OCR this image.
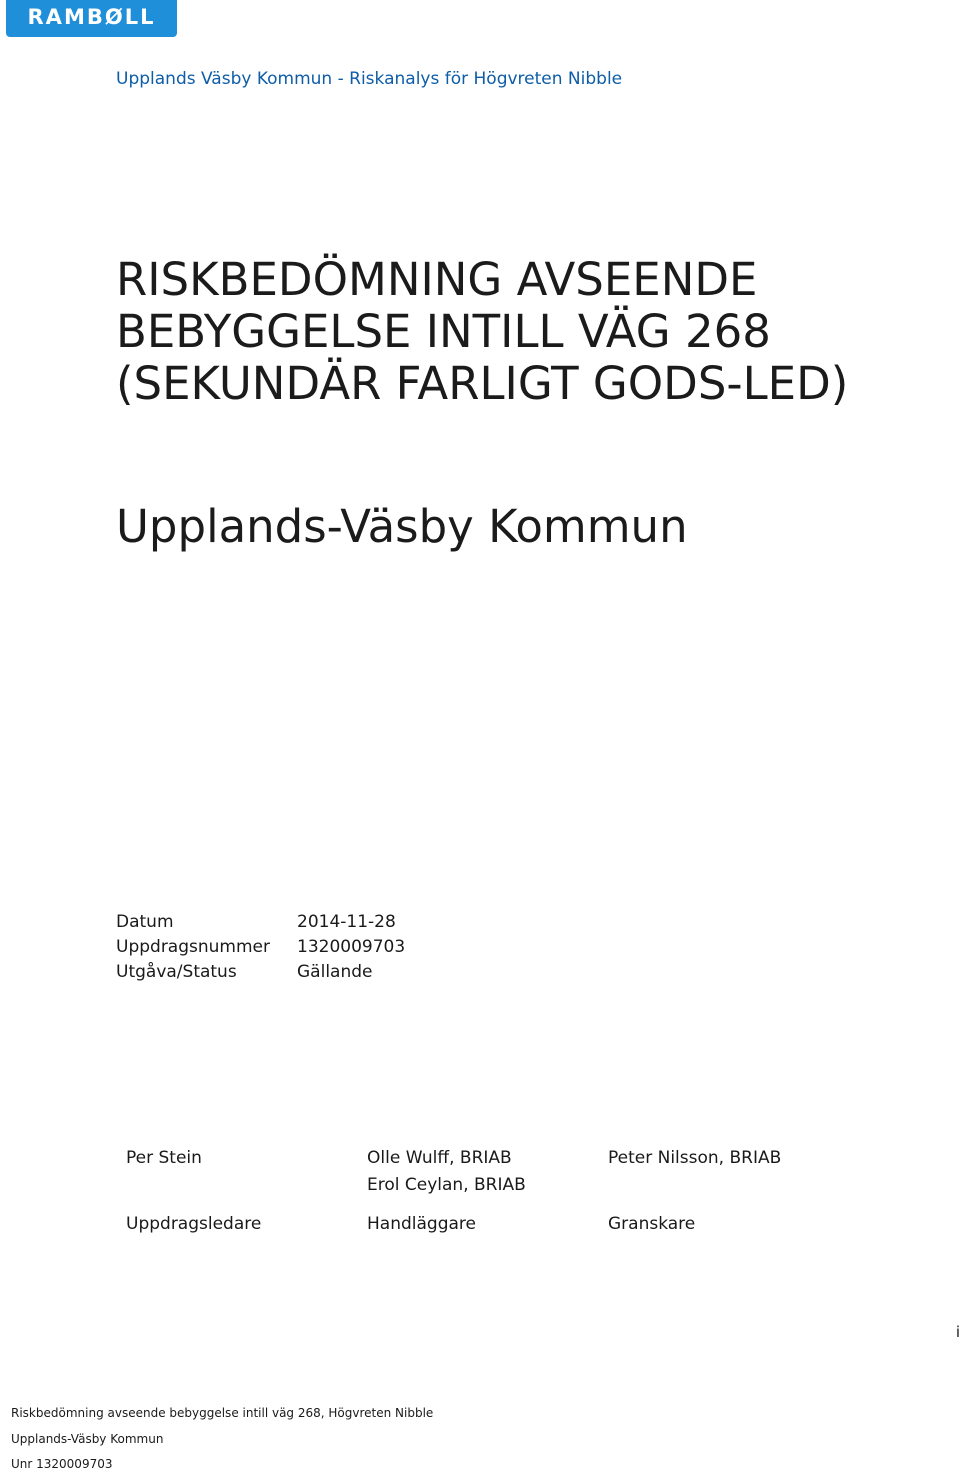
RAMBØLL
Upplands Väsby Kommun - Riskanalys för Högvreten Nibble
RISKBEDÖMNING AVSEENDE
BEBYGGELSE INTILL VÄG 268
(SEKUNDÄR FARLIGT GODS-LED)
Upplands-Väsby Kommun
Datum	2014-11-28
Uppdragsnummer 1320009703
Utgåva/Status	Gällande
Per Stein
Uppdragsledare
Olle Wulff, BRIAB
Erol Ceylan, BRIAB
Handläggare
Peter Nilsson, BRIAB
Granskare
i
Riskbedömning avseende bebyggelse intill väg 268, Högvreten Nibble
Upplands-Väsby Kommun
Unr 1320009703
